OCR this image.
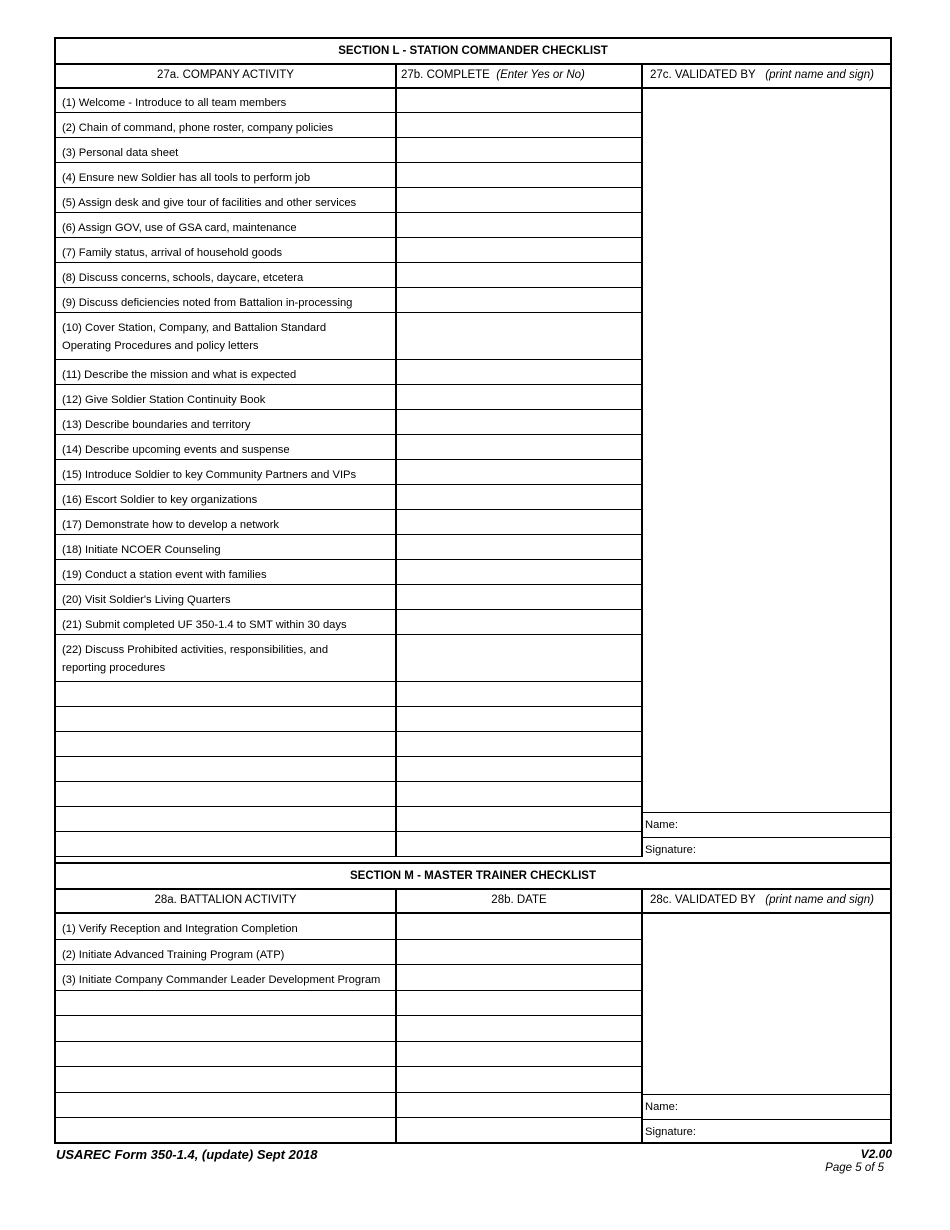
SECTION L - STATION COMMANDER CHECKLIST
27a. COMPANY ACTIVITY	27b. COMPLETE (Enter Yes or No)	27c. VALIDATED BY (print name and sign)
(1) Welcome - Introduce to all team members
(2) Chain of command, phone roster, company policies
(3) Personal data sheet
(4) Ensure new Soldier has all tools to perform job
(5) Assign desk and give tour of facilities and other services
(6) Assign GOV, use of GSA card, maintenance
(7) Family status, arrival of household goods
(8) Discuss concerns, schools, daycare, etcetera
(9) Discuss deficiencies noted from Battalion in-processing
(10) Cover Station, Company, and Battalion Standard
Operating Procedures and policy letters
(11) Describe the mission and what is expected
(12) Give Soldier Station Continuity Book
(13) Describe boundaries and territory
(14) Describe upcoming events and suspense
(15) Introduce Soldier to key Community Partners and VIPs
(16) Escort Soldier to key organizations
(17) Demonstrate how to develop a network
(18) Initiate NCOER Counseling
(19) Conduct a station event with families
(20) Visit Soldier's Living Quarters
(21) Submit completed UF 350-1.4 to SMT within 30 days
(22) Discuss Prohibited activities, responsibilities, and
reporting procedures
Name:
Signature:
SECTION M - MASTER TRAINER CHECKLIST
28a. BATTALION ACTIVITY	28b. DATE	28c. VALIDATED BY (print name and sign)
(1) Verify Reception and Integration Completion
(2) Initiate Advanced Training Program (ATP)
(3) Initiate Company Commander Leader Development Program
Name:
Signature:
USAREC Form 350-1.4, (update) Sept 2018	V2.00
Page 5 of 5
